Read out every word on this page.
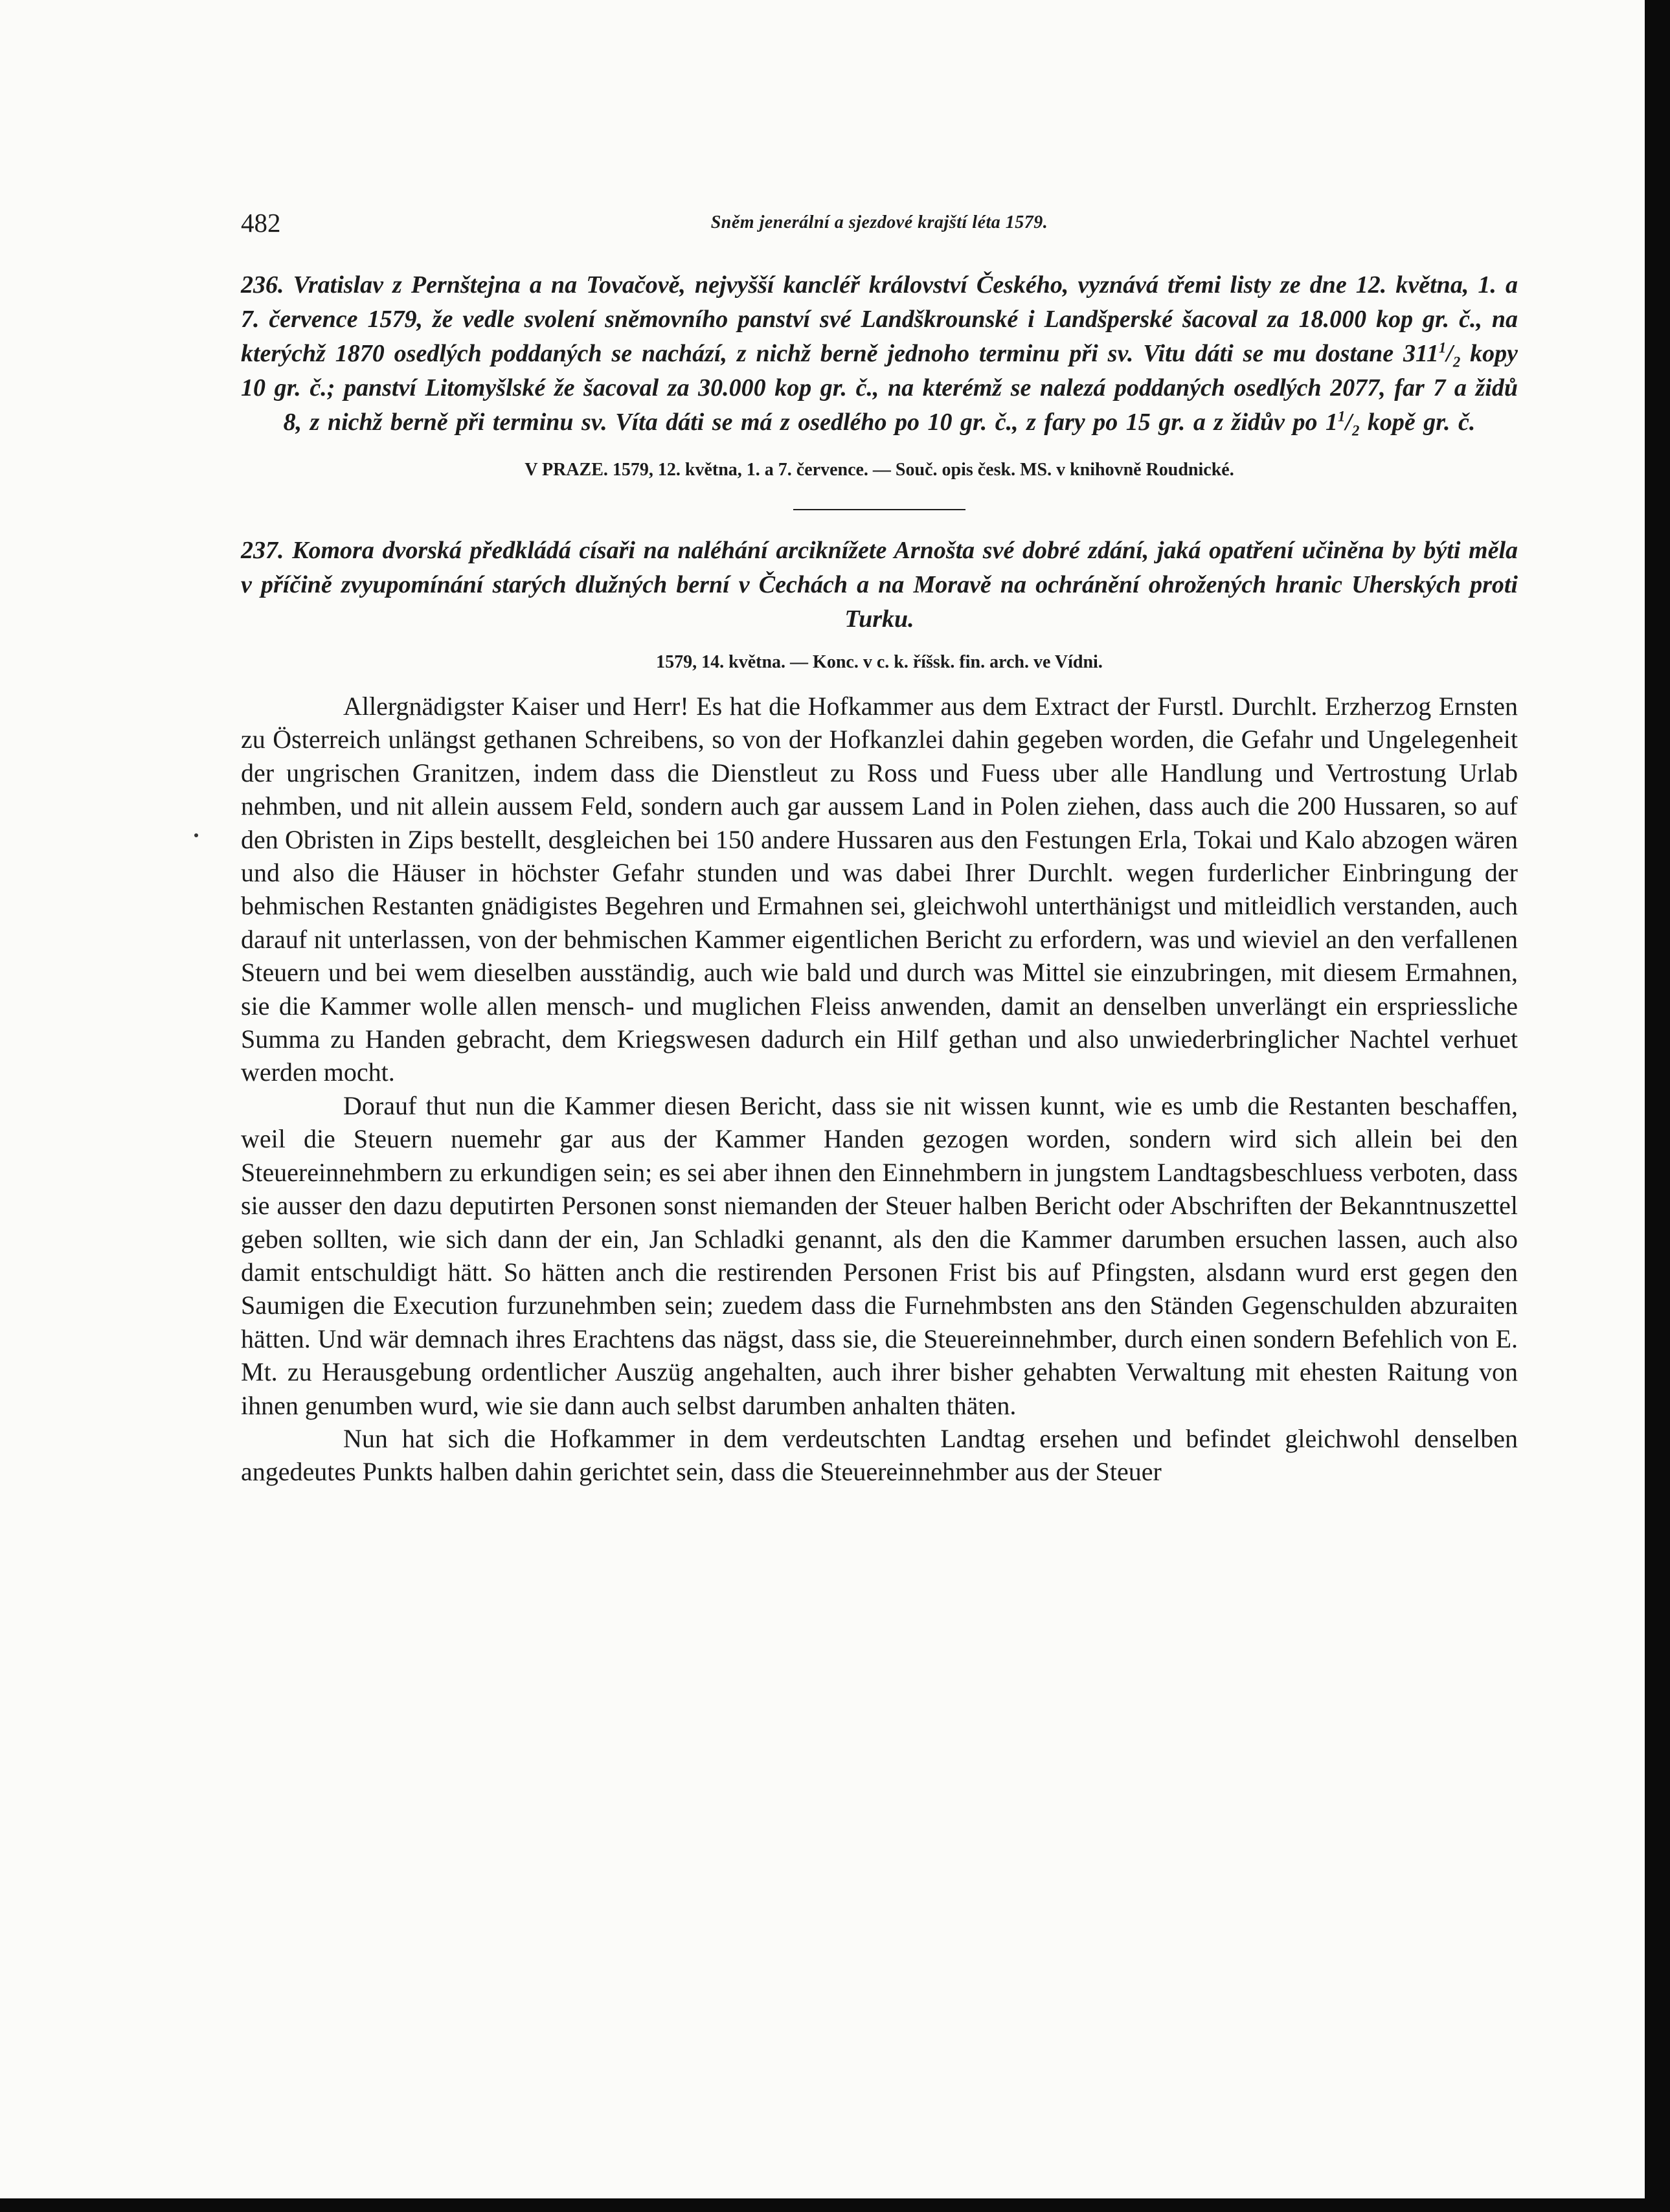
482	Sněm jenerální a sjezdové krajští léta 1579.

236. Vratislav z Pernštejna a na Tovačově, nejvyšší kancléř království Českého, vyznává třemi listy ze dne 12. května, 1. a 7. července 1579, že vedle svolení sněmovního panství své Landškrounské i Landšperské šacoval za 18.000 kop gr. č., na kterýchž 1870 osedlých poddaných se nachází, z nichž berně jednoho terminu při sv. Vitu dáti se mu dostane $311^1/_2$ kopy 10 gr. č.; panství Litomyšlské že šacoval za 30.000 kop gr. č., na kterémž se nalezá poddaných osedlých 2077, far 7 a židů 8, z nichž berně při terminu sv. Víta dáti se má z osedlého po 10 gr. č., z fary po 15 gr. a z židův po $1^1/_2$ kopě gr. č.

V PRAZE. 1579, 12. května, 1. a 7. července. — Souč. opis česk. MS. v knihovně Roudnické.

237. Komora dvorská předkládá císaři na naléhání arciknížete Arnošta své dobré zdání, jaká opatření učiněna by býti měla v příčině zvyupomínání starých dlužných berní v Čechách a na Moravě na ochránění ohrožených hranic Uherských proti Turku.

1579, 14. května. — Konc. v c. k. říšsk. fin. arch. ve Vídni.

Allergnädigster Kaiser und Herr! Es hat die Hofkammer aus dem Extract der Furstl. Durchlt. Erzherzog Ernsten zu Österreich unlängst gethanen Schreibens, so von der Hofkanzlei dahin gegeben worden, die Gefahr und Ungelegenheit der ungrischen Granitzen, indem dass die Dienstleut zu Ross und Fuess uber alle Handlung und Vertrostung Urlab nehmben, und nit allein aussem Feld, sondern auch gar aussem Land in Polen ziehen, dass auch die 200 Hussaren, so auf den Obristen in Zips bestellt, desgleichen bei 150 andere Hussaren aus den Festungen Erla, Tokai und Kalo abzogen wären und also die Häuser in höchster Gefahr stunden und was dabei Ihrer Durchlt. wegen furderlicher Einbringung der behmischen Restanten gnädigistes Begehren und Ermahnen sei, gleichwohl unterthänigst und mitleidlich verstanden, auch darauf nit unterlassen, von der behmischen Kammer eigentlichen Bericht zu erfordern, was und wieviel an den verfallenen Steuern und bei wem dieselben ausständig, auch wie bald und durch was Mittel sie einzubringen, mit diesem Ermahnen, sie die Kammer wolle allen mensch- und muglichen Fleiss anwenden, damit an denselben unverlängt ein erspriessliche Summa zu Handen gebracht, dem Kriegswesen dadurch ein Hilf gethan und also unwiederbringlicher Nachtel verhuet werden mocht.

Dorauf thut nun die Kammer diesen Bericht, dass sie nit wissen kunnt, wie es umb die Restanten beschaffen, weil die Steuern nuemehr gar aus der Kammer Handen gezogen worden, sondern wird sich allein bei den Steuereinnehmbern zu erkundigen sein; es sei aber ihnen den Einnehmbern in jungstem Landtagsbeschluess verboten, dass sie ausser den dazu deputirten Personen sonst niemanden der Steuer halben Bericht oder Abschriften der Bekanntnuszettel geben sollten, wie sich dann der ein, Jan Schladki genannt, als den die Kammer darumben ersuchen lassen, auch also damit entschuldigt hätt. So hätten anch die restirenden Personen Frist bis auf Pfingsten, alsdann wurd erst gegen den Saumigen die Execution furzunehmben sein; zuedem dass die Furnehmbsten ans den Ständen Gegenschulden abzuraiten hätten. Und wär demnach ihres Erachtens das nägst, dass sie, die Steuereinnehmber, durch einen sondern Befehlich von E. Mt. zu Herausgebung ordentlicher Auszüg angehalten, auch ihrer bisher gehabten Verwaltung mit ehesten Raitung von ihnen genumben wurd, wie sie dann auch selbst darumben anhalten thäten.

Nun hat sich die Hofkammer in dem verdeutschten Landtag ersehen und befindet gleichwohl denselben angedeutes Punkts halben dahin gerichtet sein, dass die Steuereinnehmber aus der Steuer
